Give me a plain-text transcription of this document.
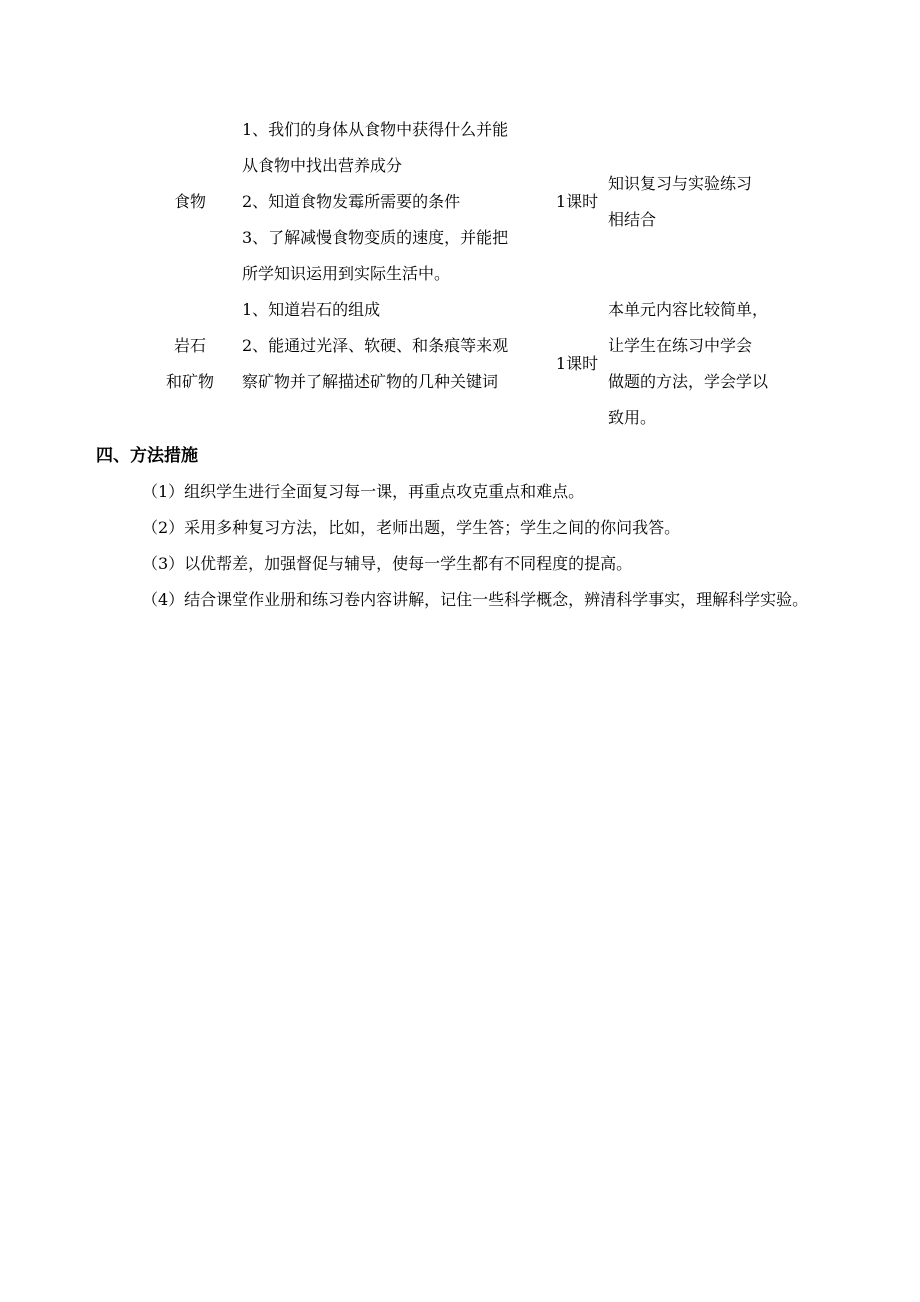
食物
1、我们的身体从食物中获得什么并能
从食物中找出营养成分
2、知道食物发霉所需要的条件
3、了解减慢食物变质的速度，并能把
所学知识运用到实际生活中。
1课时
知识复习与实验练习
相结合
岩石
和矿物
1、知道岩石的组成
2、能通过光泽、软硬、和条痕等来观
察矿物并了解描述矿物的几种关键词
1课时
本单元内容比较简单，
让学生在练习中学会
做题的方法，学会学以
致用。
四、方法措施

（1）组织学生进行全面复习每一课，再重点攻克重点和难点。

（2）采用多种复习方法，比如，老师出题，学生答；学生之间的你问我答。

（3）以优帮差，加强督促与辅导，使每一学生都有不同程度的提高。

（4）结合课堂作业册和练习卷内容讲解，记住一些科学概念，辨清科学事实，理解科学实验。
